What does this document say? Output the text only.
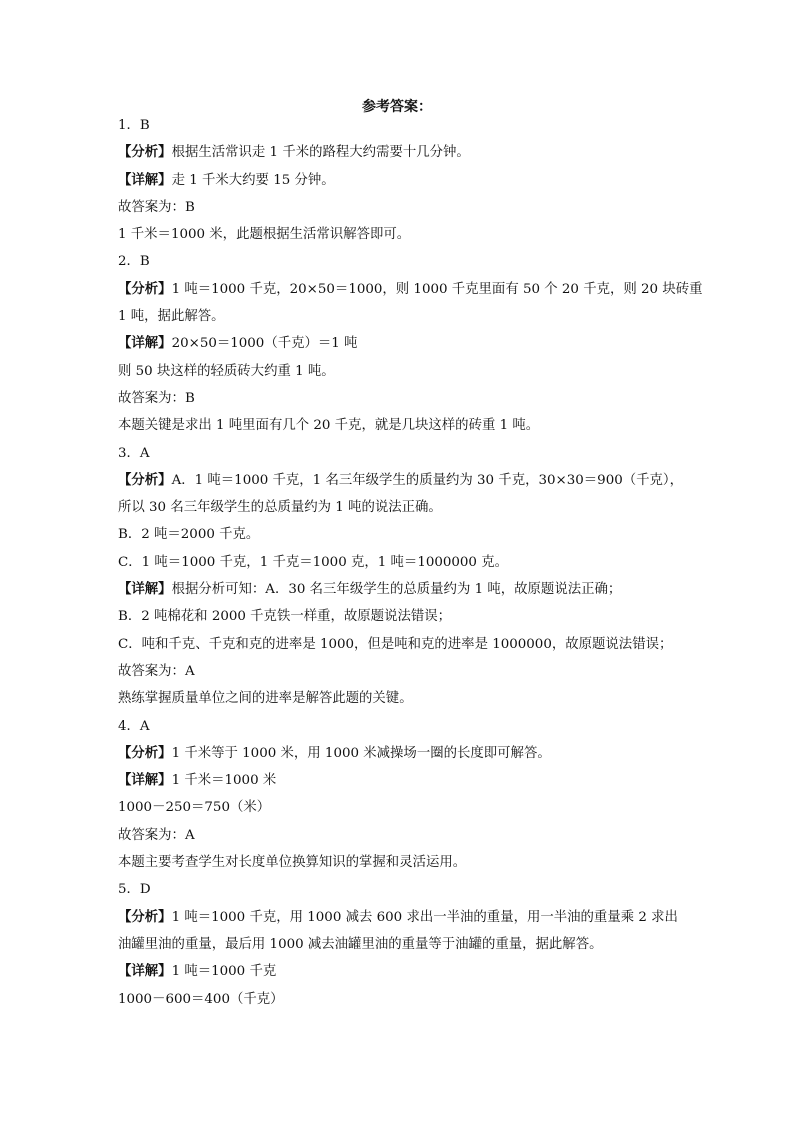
参考答案：
1．B
【分析】根据生活常识走 1 千米的路程大约需要十几分钟。
【详解】走 1 千米大约要 15 分钟。
故答案为：B
1 千米＝1000 米，此题根据生活常识解答即可。
2．B
【分析】1 吨＝1000 千克，20×50＝1000，则 1000 千克里面有 50 个 20 千克，则 20 块砖重
1 吨，据此解答。
【详解】20×50＝1000（千克）＝1 吨
则 50 块这样的轻质砖大约重 1 吨。
故答案为：B
本题关键是求出 1 吨里面有几个 20 千克，就是几块这样的砖重 1 吨。
3．A
【分析】A．1 吨＝1000 千克，1 名三年级学生的质量约为 30 千克，30×30＝900（千克），
所以 30 名三年级学生的总质量约为 1 吨的说法正确。
B．2 吨＝2000 千克。
C．1 吨＝1000 千克，1 千克＝1000 克，1 吨＝1000000 克。
【详解】根据分析可知：A．30 名三年级学生的总质量约为 1 吨，故原题说法正确；
B．2 吨棉花和 2000 千克铁一样重，故原题说法错误；
C．吨和千克、千克和克的进率是 1000，但是吨和克的进率是 1000000，故原题说法错误；
故答案为：A
熟练掌握质量单位之间的进率是解答此题的关键。
4．A
【分析】1 千米等于 1000 米，用 1000 米减操场一圈的长度即可解答。
【详解】1 千米＝1000 米
1000－250＝750（米）
故答案为：A
本题主要考查学生对长度单位换算知识的掌握和灵活运用。
5．D
【分析】1 吨＝1000 千克，用 1000 减去 600 求出一半油的重量，用一半油的重量乘 2 求出
油罐里油的重量，最后用 1000 减去油罐里油的重量等于油罐的重量，据此解答。
【详解】1 吨＝1000 千克
1000－600＝400（千克）
